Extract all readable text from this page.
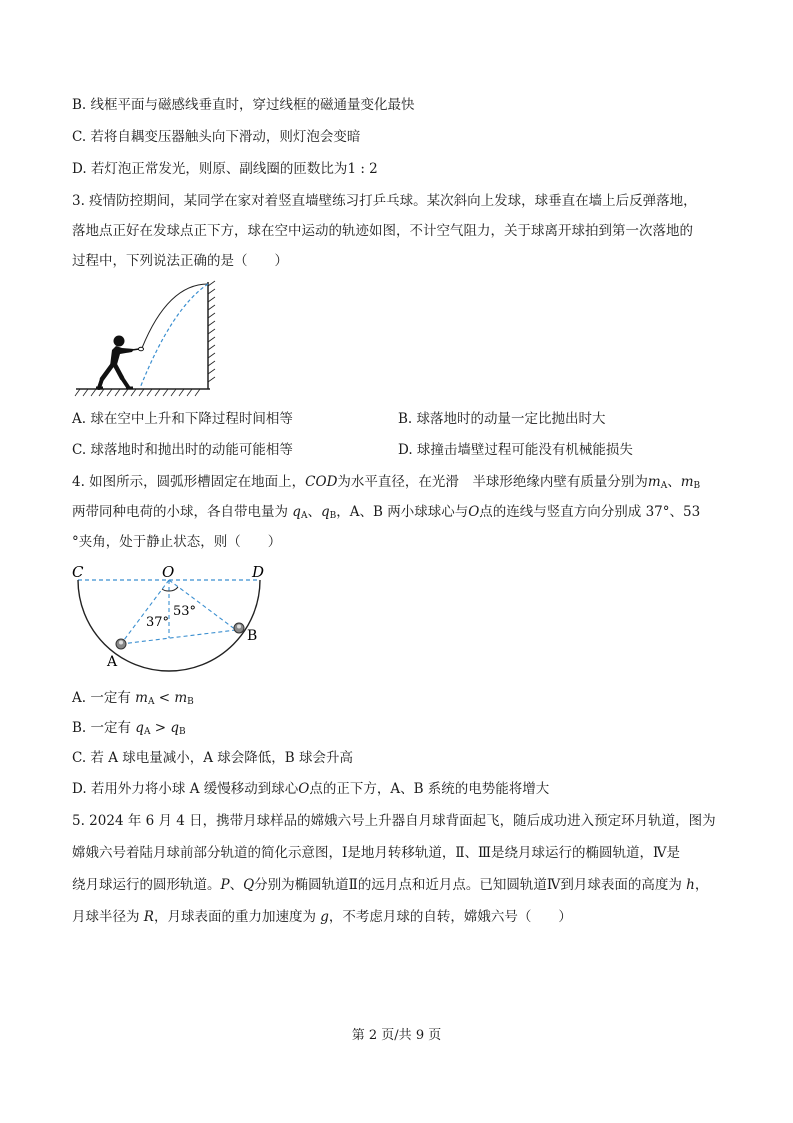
B. 线框平面与磁感线垂直时，穿过线框的磁通量变化最快
C. 若将自耦变压器触头向下滑动，则灯泡会变暗
D. 若灯泡正常发光，则原、副线圈的匝数比为1 : 2
3. 疫情防控期间，某同学在家对着竖直墙壁练习打乒乓球。某次斜向上发球，球垂直在墙上后反弹落地，
落地点正好在发球点正下方，球在空中运动的轨迹如图，不计空气阻力，关于球离开球拍到第一次落地的
过程中，下列说法正确的是（　　）
A. 球在空中上升和下降过程时间相等	B. 球落地时的动量一定比抛出时大
C. 球落地时和抛出时的动能可能相等	D. 球撞击墙壁过程可能没有机械能损失
4. 如图所示，圆弧形槽固定在地面上，COD为水平直径，在光滑　半球形绝缘内壁有质量分别为$m_A$、$m_B$
两带同种电荷的小球，各自带电量为 $q_A$、$q_B$，A、B 两小球球心与O点的连线与竖直方向分别成 37°、53
°夹角，处于静止状态，则（　　）
C	O	D
A
B
37°
53°
A. 一定有 $m_A < m_B$
B. 一定有 $q_A > q_B$
C. 若 A 球电量减小，A 球会降低，B 球会升高
D. 若用外力将小球 A 缓慢移动到球心O点的正下方，A、B 系统的电势能将增大
5. 2024 年 6 月 4 日，携带月球样品的嫦娥六号上升器自月球背面起飞，随后成功进入预定环月轨道，图为
嫦娥六号着陆月球前部分轨道的简化示意图，Ⅰ是地月转移轨道，Ⅱ、Ⅲ是绕月球运行的椭圆轨道，Ⅳ是
绕月球运行的圆形轨道。P、Q分别为椭圆轨道Ⅱ的远月点和近月点。已知圆轨道Ⅳ到月球表面的高度为 h，
月球半径为 R，月球表面的重力加速度为 g，不考虑月球的自转，嫦娥六号（　　）
第 2 页/共 9 页
